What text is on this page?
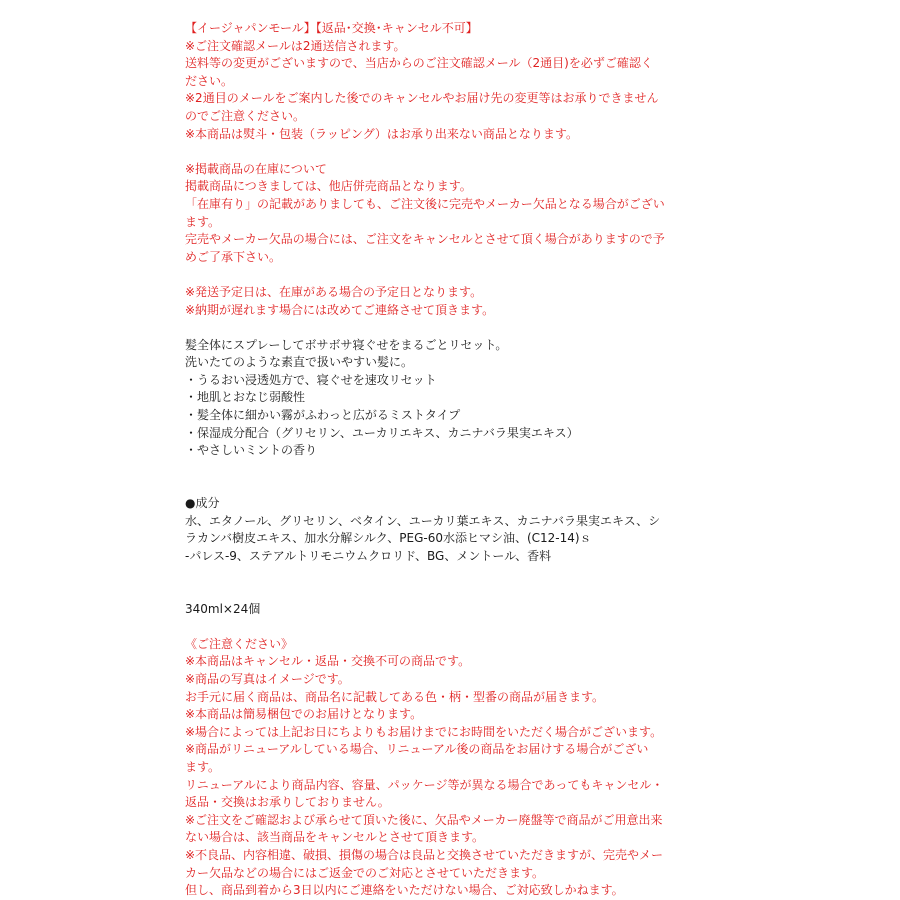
【イージャパンモール】【返品･交換･キャンセル不可】
※ご注文確認メールは2通送信されます。
送料等の変更がございますので、当店からのご注文確認メール（2通目)を必ずご確認く
ださい。
※2通目のメールをご案内した後でのキャンセルやお届け先の変更等はお承りできません
のでご注意ください。
※本商品は熨斗・包装（ラッピング）はお承り出来ない商品となります。
※掲載商品の在庫について
掲載商品につきましては、他店併売商品となります。
「在庫有り」の記載がありましても、ご注文後に完売やメーカー欠品となる場合がござい
ます。
完売やメーカー欠品の場合には、ご注文をキャンセルとさせて頂く場合がありますので予
めご了承下さい。
※発送予定日は、在庫がある場合の予定日となります。
※納期が遅れます場合には改めてご連絡させて頂きます。
髪全体にスプレーしてボサボサ寝ぐせをまるごとリセット。
洗いたてのような素直で扱いやすい髪に。
・うるおい浸透処方で、寝ぐせを速攻リセット
・地肌とおなじ弱酸性
・髪全体に細かい霧がふわっと広がるミストタイプ
・保湿成分配合（グリセリン、ユーカリエキス、カニナバラ果実エキス）
・やさしいミントの香り
●成分
水、エタノール、グリセリン、ベタイン、ユーカリ葉エキス、カニナバラ果実エキス、シ
ラカンバ樹皮エキス、加水分解シルク、PEG-60水添ヒマシ油、(C12-14)ｓ
-パレス-9、ステアルトリモニウムクロリド、BG、メントール、香料
340ml×24個
《ご注意ください》
※本商品はキャンセル・返品・交換不可の商品です。
※商品の写真はイメージです。
お手元に届く商品は、商品名に記載してある色・柄・型番の商品が届きます。
※本商品は簡易梱包でのお届けとなります。
※場合によっては上記お日にちよりもお届けまでにお時間をいただく場合がございます。
※商品がリニューアルしている場合、リニューアル後の商品をお届けする場合がござい
ます。
リニューアルにより商品内容、容量、パッケージ等が異なる場合であってもキャンセル・
返品・交換はお承りしておりません。
※ご注文をご確認および承らせて頂いた後に、欠品やメーカー廃盤等で商品がご用意出来
ない場合は、該当商品をキャンセルとさせて頂きます。
※不良品、内容相違、破損、損傷の場合は良品と交換させていただきますが、完売やメー
カー欠品などの場合にはご返金でのご対応とさせていただきます。
但し、商品到着から3日以内にご連絡をいただけない場合、ご対応致しかねます。
